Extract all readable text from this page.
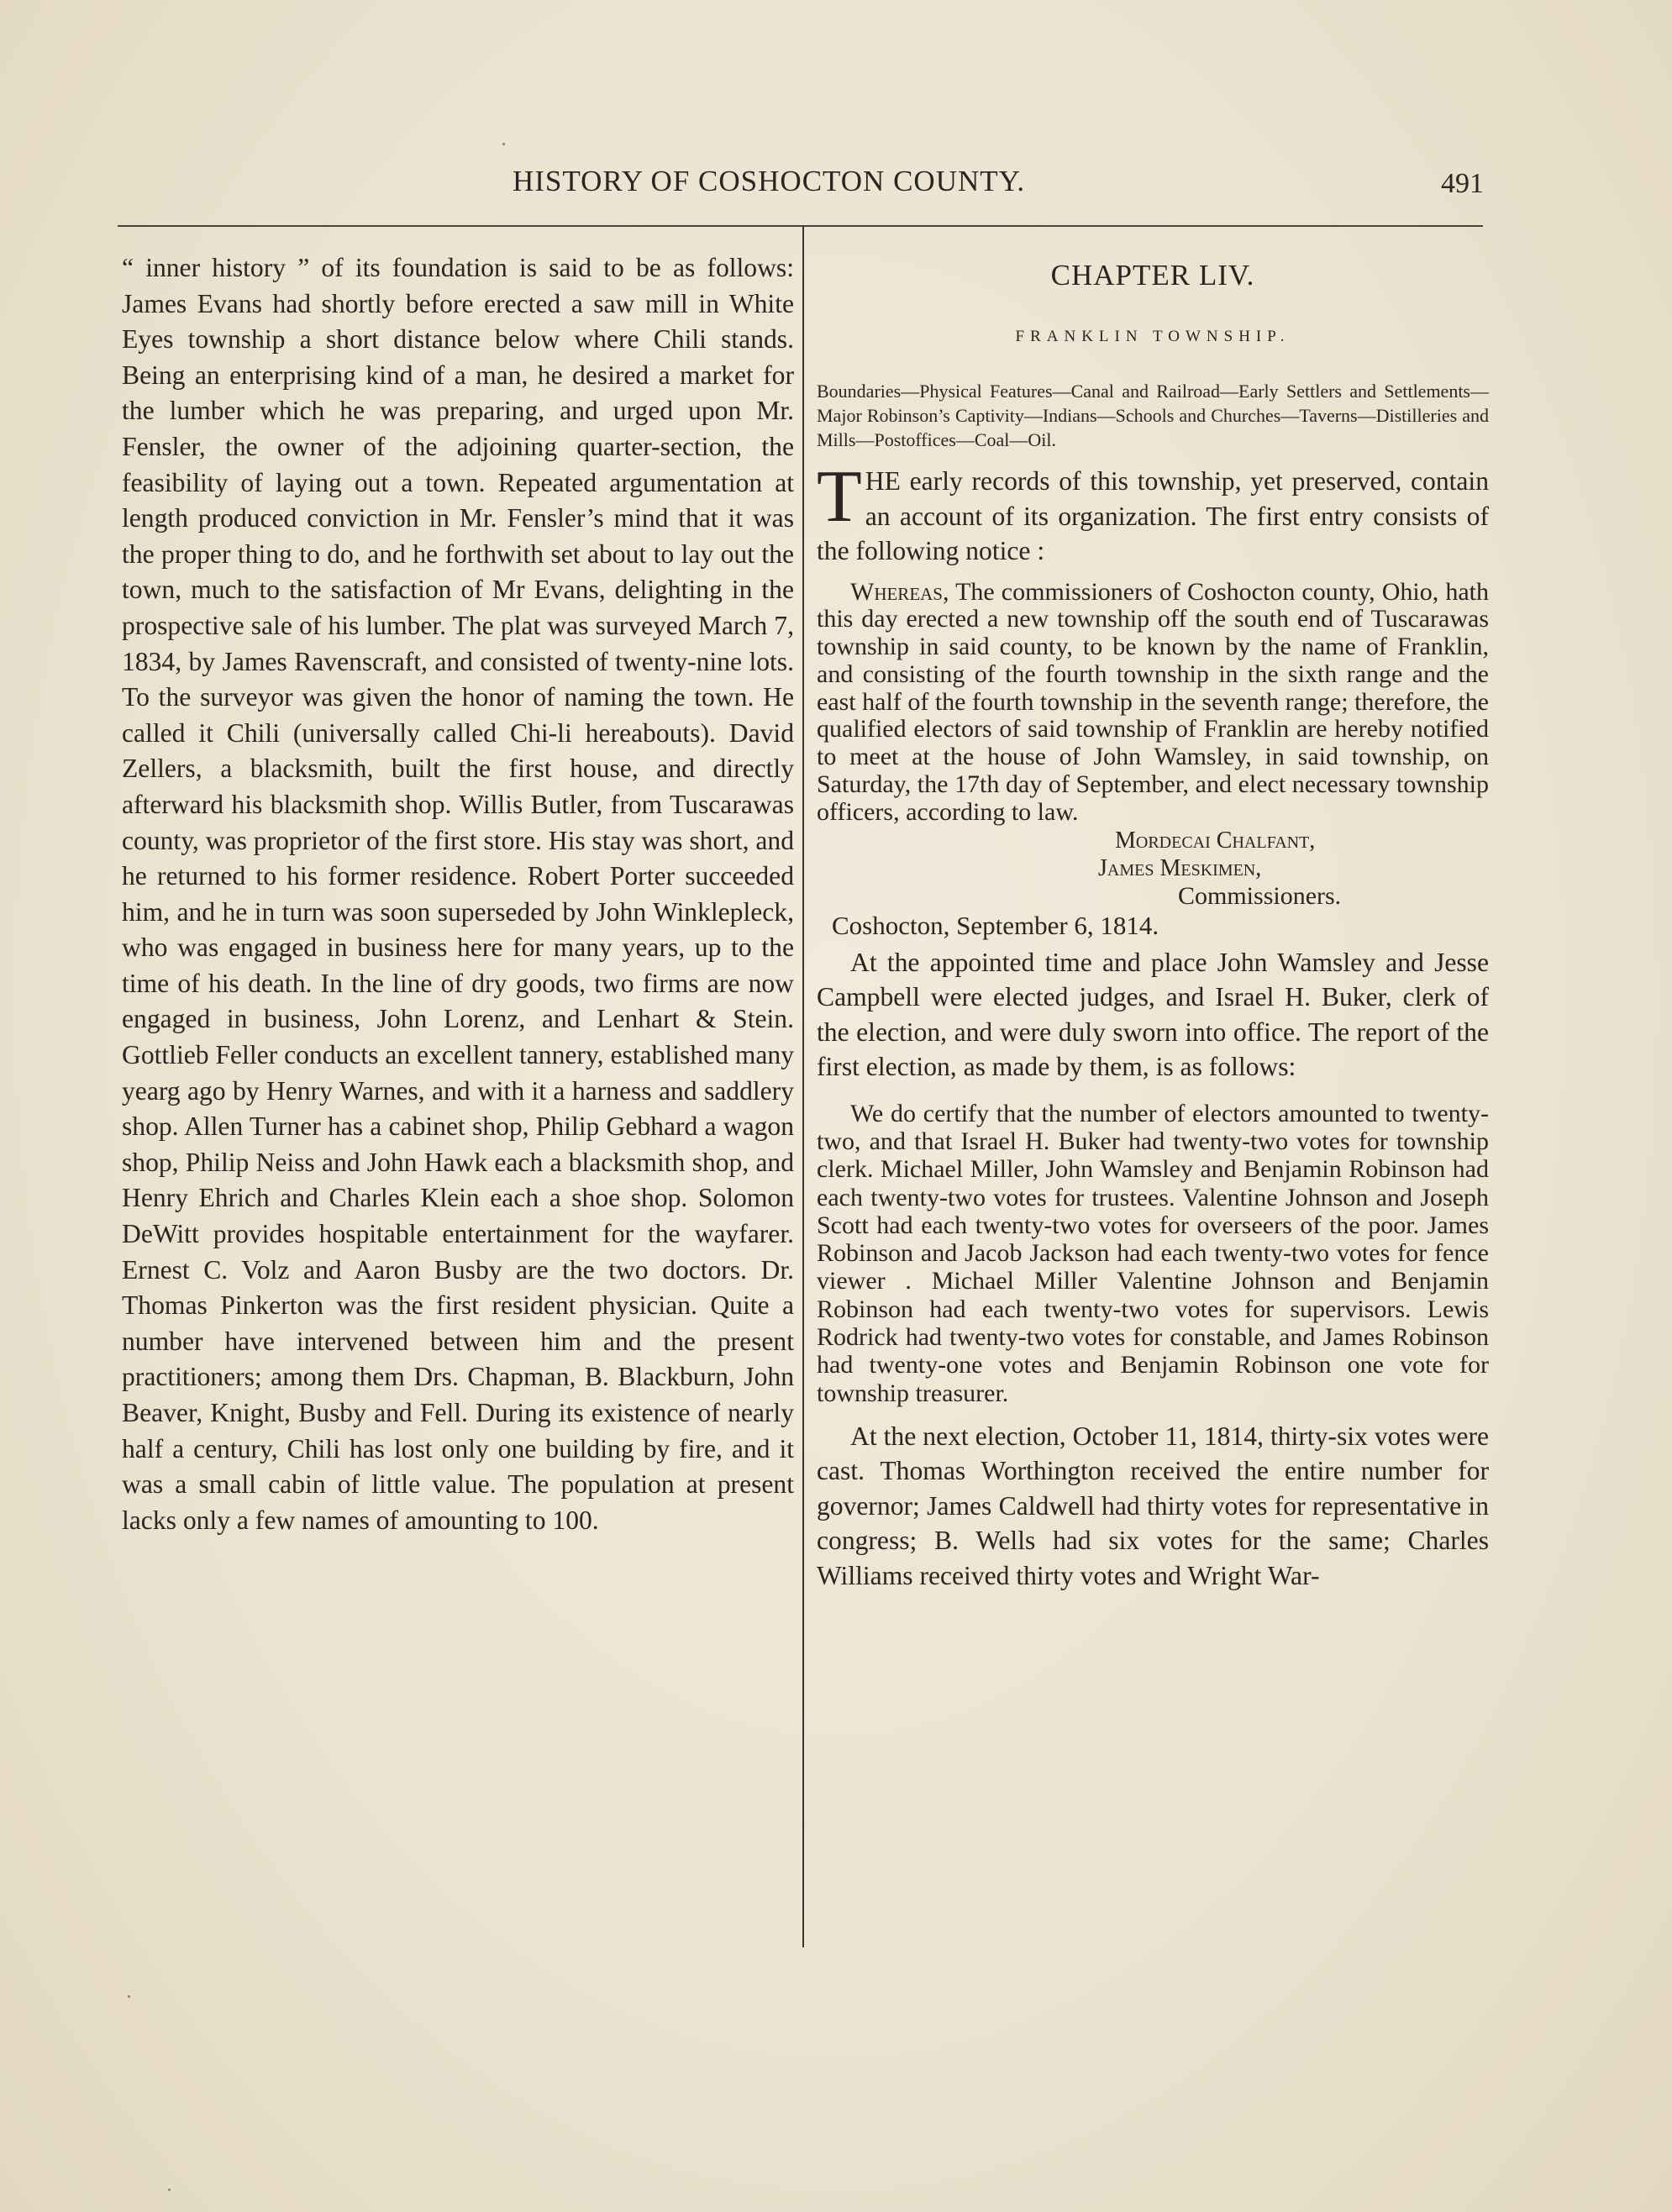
HISTORY OF COSHOCTON COUNTY.	491

“ inner history ” of its foundation is said to be as follows: James Evans had shortly before erected a saw mill in White Eyes township a short distance below where Chili stands. Being an enterprising kind of a man, he desired a market for the lumber which he was preparing, and urged upon Mr. Fensler, the owner of the adjoining quarter-section, the feasibility of laying out a town. Repeated argumentation at length produced conviction in Mr. Fensler’s mind that it was the proper thing to do, and he forthwith set about to lay out the town, much to the satisfaction of Mr Evans, delighting in the prospective sale of his lumber. The plat was surveyed March 7, 1834, by James Ravenscraft, and consisted of twenty-nine lots. To the surveyor was given the honor of naming the town. He called it Chili (universally called Chi-li hereabouts). David Zellers, a blacksmith, built the first house, and directly afterward his blacksmith shop. Willis Butler, from Tuscarawas county, was proprietor of the first store. His stay was short, and he returned to his former residence. Robert Porter succeeded him, and he in turn was soon superseded by John Winklepleck, who was engaged in business here for many years, up to the time of his death. In the line of dry goods, two firms are now engaged in business, John Lorenz, and Lenhart & Stein. Gottlieb Feller conducts an excellent tannery, established many yearg ago by Henry Warnes, and with it a harness and saddlery shop. Allen Turner has a cabinet shop, Philip Gebhard a wagon shop, Philip Neiss and John Hawk each a blacksmith shop, and Henry Ehrich and Charles Klein each a shoe shop. Solomon DeWitt provides hospitable entertainment for the wayfarer. Ernest C. Volz and Aaron Busby are the two doctors. Dr. Thomas Pinkerton was the first resident physician. Quite a number have intervened between him and the present practitioners; among them Drs. Chapman, B. Blackburn, John Beaver, Knight, Busby and Fell. During its existence of nearly half a century, Chili has lost only one building by fire, and it was a small cabin of little value. The population at present lacks only a few names of amounting to 100.

CHAPTER LIV.
FRANKLIN TOWNSHIP.

Boundaries—Physical Features—Canal and Railroad—Early Settlers and Settlements—Major Robinson’s Captivity—Indians—Schools and Churches—Taverns—Distilleries and Mills—Postoffices—Coal—Oil.

THE early records of this township, yet preserved, contain an account of its organization. The first entry consists of the following notice :

Whereas, The commissioners of Coshocton county, Ohio, hath this day erected a new township off the south end of Tuscarawas township in said county, to be known by the name of Franklin, and consisting of the fourth township in the sixth range and the east half of the fourth township in the seventh range; therefore, the qualified electors of said township of Franklin are hereby notified to meet at the house of John Wamsley, in said township, on Saturday, the 17th day of September, and elect necessary township officers, according to law.

Mordecai Chalfant,
James Meskimen,
Commissioners.
Coshocton, September 6, 1814.

At the appointed time and place John Wamsley and Jesse Campbell were elected judges, and Israel H. Buker, clerk of the election, and were duly sworn into office. The report of the first election, as made by them, is as follows:

We do certify that the number of electors amounted to twenty-two, and that Israel H. Buker had twenty-two votes for township clerk. Michael Miller, John Wamsley and Benjamin Robinson had each twenty-two votes for trustees. Valentine Johnson and Joseph Scott had each twenty-two votes for overseers of the poor. James Robinson and Jacob Jackson had each twenty-two votes for fence viewer . Michael Miller Valentine Johnson and Benjamin Robinson had each twenty-two votes for supervisors. Lewis Rodrick had twenty-two votes for constable, and James Robinson had twenty-one votes and Benjamin Robinson one vote for township treasurer.

At the next election, October 11, 1814, thirty-six votes were cast. Thomas Worthington received the entire number for governor; James Caldwell had thirty votes for representative in congress; B. Wells had six votes for the same; Charles Williams received thirty votes and Wright War-
